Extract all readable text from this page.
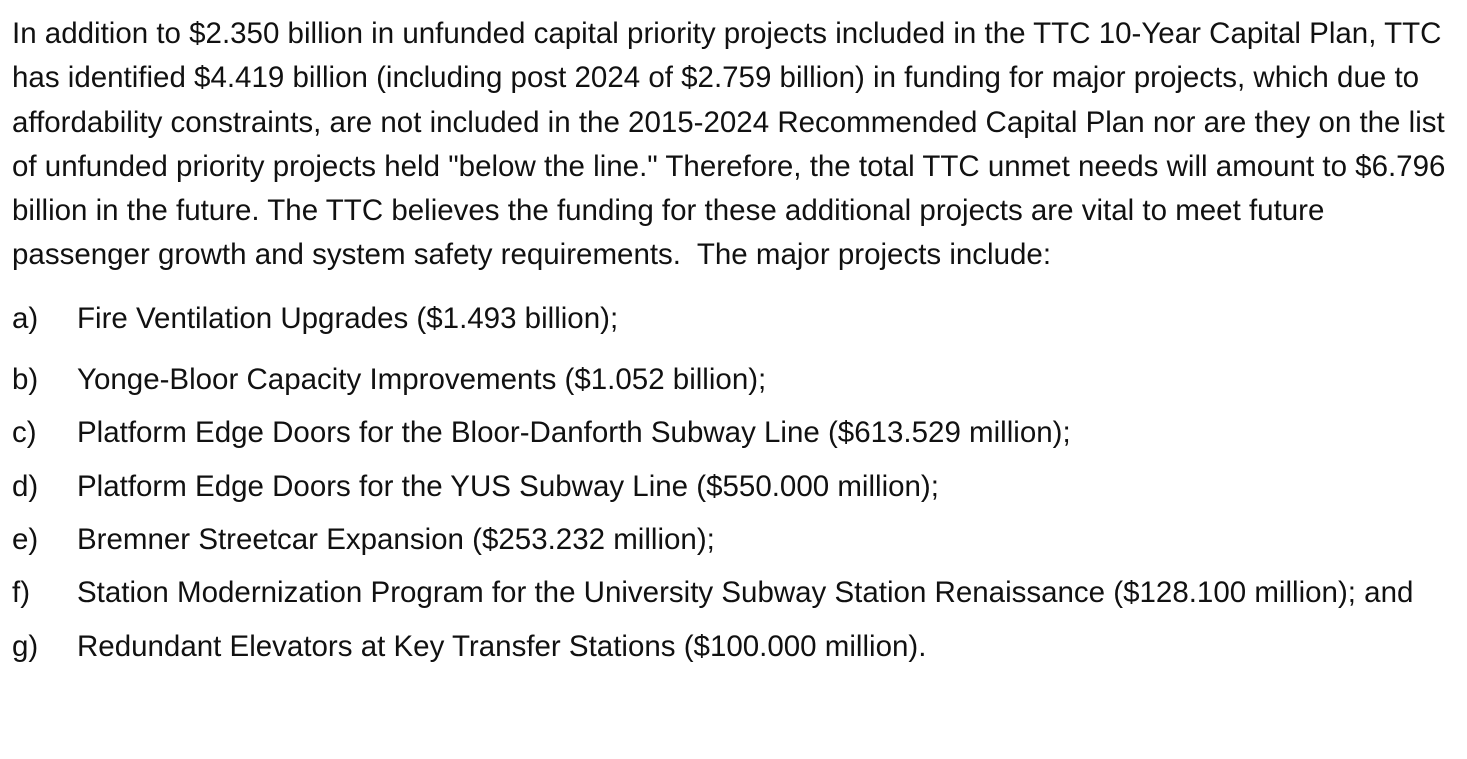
In addition to $2.350 billion in unfunded capital priority projects included in the TTC 10-Year Capital Plan, TTC has identified $4.419 billion (including post 2024 of $2.759 billion) in funding for major projects, which due to affordability constraints, are not included in the 2015-2024 Recommended Capital Plan nor are they on the list of unfunded priority projects held "below the line." Therefore, the total TTC unmet needs will amount to $6.796 billion in the future. The TTC believes the funding for these additional projects are vital to meet future passenger growth and system safety requirements.  The major projects include:

a)	Fire Ventilation Upgrades ($1.493 billion);
b)	Yonge-Bloor Capacity Improvements ($1.052 billion);
c)	Platform Edge Doors for the Bloor-Danforth Subway Line ($613.529 million);
d)	Platform Edge Doors for the YUS Subway Line ($550.000 million);
e)	Bremner Streetcar Expansion ($253.232 million);
f)	Station Modernization Program for the University Subway Station Renaissance ($128.100 million); and
g)	Redundant Elevators at Key Transfer Stations ($100.000 million).
